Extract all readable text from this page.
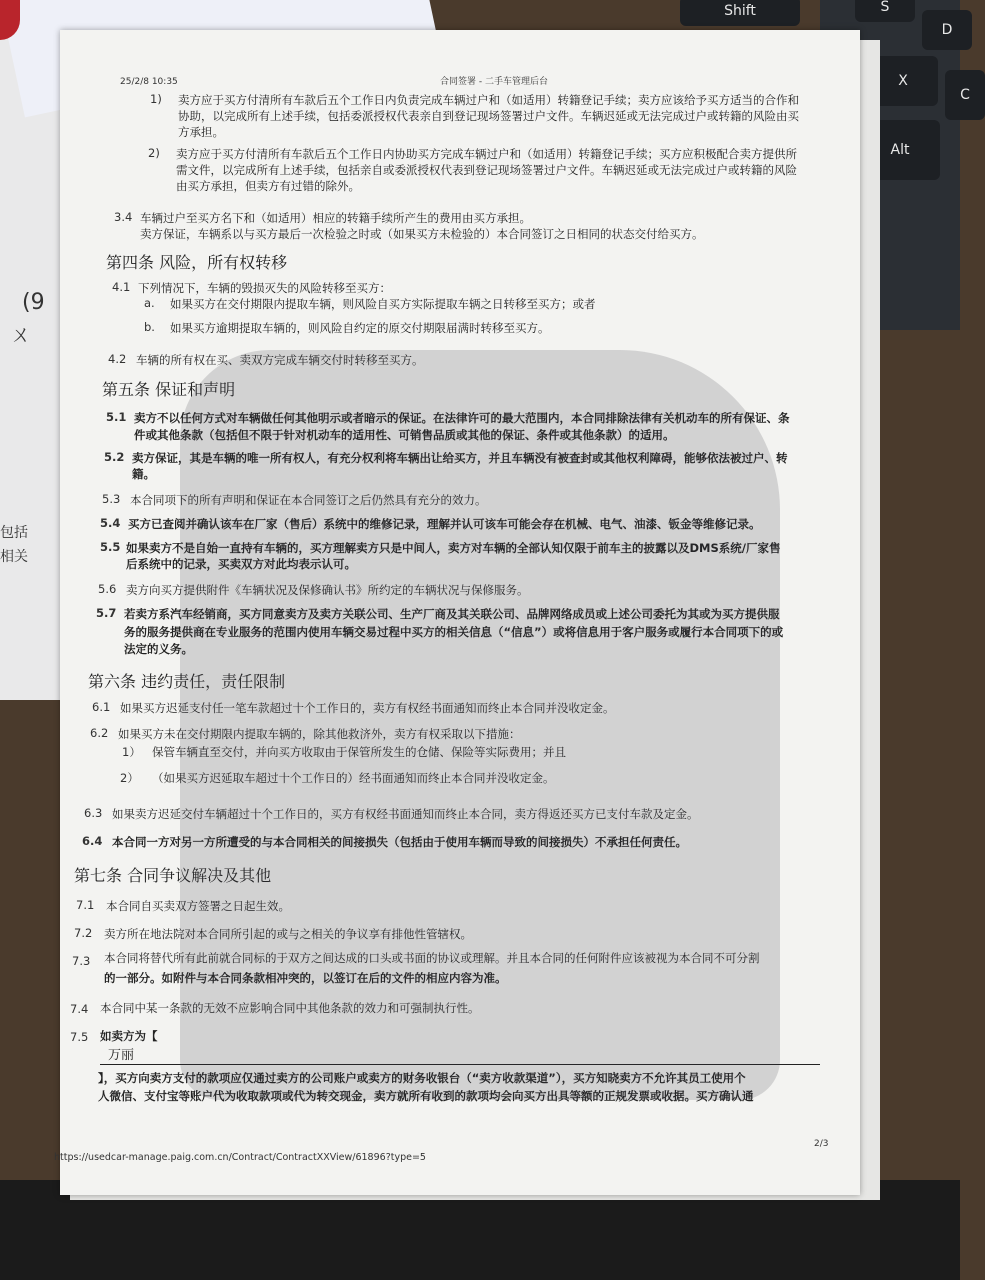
Shift	S
D
X
Alt
C
(9
ㄨ
包括
相关
25/2/8 10:35	合同签署 - 二手车管理后台
1) 卖方应于买方付清所有车款后五个工作日内负责完成车辆过户和（如适用）转籍登记手续；卖方应该给予买方适当的合作和
协助，以完成所有上述手续，包括委派授权代表亲自到登记现场签署过户文件。车辆迟延或无法完成过户或转籍的风险由买
方承担。
2) 卖方应于买方付清所有车款后五个工作日内协助买方完成车辆过户和（如适用）转籍登记手续；买方应积极配合卖方提供所
需文件，以完成所有上述手续，包括亲自或委派授权代表到登记现场签署过户文件。车辆迟延或无法完成过户或转籍的风险
由买方承担，但卖方有过错的除外。
3.4 车辆过户至买方名下和（如适用）相应的转籍手续所产生的费用由买方承担。
卖方保证，车辆系以与买方最后一次检验之时或（如果买方未检验的）本合同签订之日相同的状态交付给买方。
第四条 风险，所有权转移
4.1 下列情况下，车辆的毁损灭失的风险转移至买方：
a. 如果买方在交付期限内提取车辆，则风险自买方实际提取车辆之日转移至买方；或者
b. 如果买方逾期提取车辆的，则风险自约定的原交付期限届满时转移至买方。
4.2 车辆的所有权在买、卖双方完成车辆交付时转移至买方。
第五条 保证和声明
5.1 卖方不以任何方式对车辆做任何其他明示或者暗示的保证。在法律许可的最大范围内，本合同排除法律有关机动车的所有保证、条
件或其他条款（包括但不限于针对机动车的适用性、可销售品质或其他的保证、条件或其他条款）的适用。
5.2 卖方保证，其是车辆的唯一所有权人，有充分权利将车辆出让给买方，并且车辆没有被查封或其他权利障碍，能够依法被过户、转
籍。
5.3 本合同项下的所有声明和保证在本合同签订之后仍然具有充分的效力。
5.4 买方已查阅并确认该车在厂家（售后）系统中的维修记录，理解并认可该车可能会存在机械、电气、油漆、钣金等维修记录。
5.5 如果卖方不是自始一直持有车辆的，买方理解卖方只是中间人，卖方对车辆的全部认知仅限于前车主的披露以及DMS系统/厂家售
后系统中的记录，买卖双方对此均表示认可。
5.6 卖方向买方提供附件《车辆状况及保修确认书》所约定的车辆状况与保修服务。
5.7 若卖方系汽车经销商，买方同意卖方及卖方关联公司、生产厂商及其关联公司、品牌网络成员或上述公司委托为其或为买方提供服
务的服务提供商在专业服务的范围内使用车辆交易过程中买方的相关信息（“信息”）或将信息用于客户服务或履行本合同项下的或
法定的义务。
第六条 违约责任，责任限制
6.1 如果买方迟延支付任一笔车款超过十个工作日的，卖方有权经书面通知而终止本合同并没收定金。
6.2 如果买方未在交付期限内提取车辆的，除其他救济外，卖方有权采取以下措施：
1） 保管车辆直至交付，并向买方收取由于保管所发生的仓储、保险等实际费用；并且
2） （如果买方迟延取车超过十个工作日的）经书面通知而终止本合同并没收定金。
6.3 如果卖方迟延交付车辆超过十个工作日的，买方有权经书面通知而终止本合同，卖方得返还买方已支付车款及定金。
6.4 本合同一方对另一方所遭受的与本合同相关的间接损失（包括由于使用车辆而导致的间接损失）不承担任何责任。
第七条 合同争议解决及其他
7.1 本合同自买卖双方签署之日起生效。
7.2 卖方所在地法院对本合同所引起的或与之相关的争议享有排他性管辖权。
7.3 本合同将替代所有此前就合同标的于双方之间达成的口头或书面的协议或理解。并且本合同的任何附件应该被视为本合同不可分割
的一部分。如附件与本合同条款相冲突的，以签订在后的文件的相应内容为准。
7.4 本合同中某一条款的无效不应影响合同中其他条款的效力和可强制执行性。
7.5 如卖方为【
万丽
】，买方向卖方支付的款项应仅通过卖方的公司账户或卖方的财务收银台（“卖方收款渠道”），买方知晓卖方不允许其员工使用个
人微信、支付宝等账户代为收取款项或代为转交现金，卖方就所有收到的款项均会向买方出具等额的正规发票或收据。买方确认通
https://usedcar-manage.paig.com.cn/Contract/ContractXXView/61896?type=5
2/3
